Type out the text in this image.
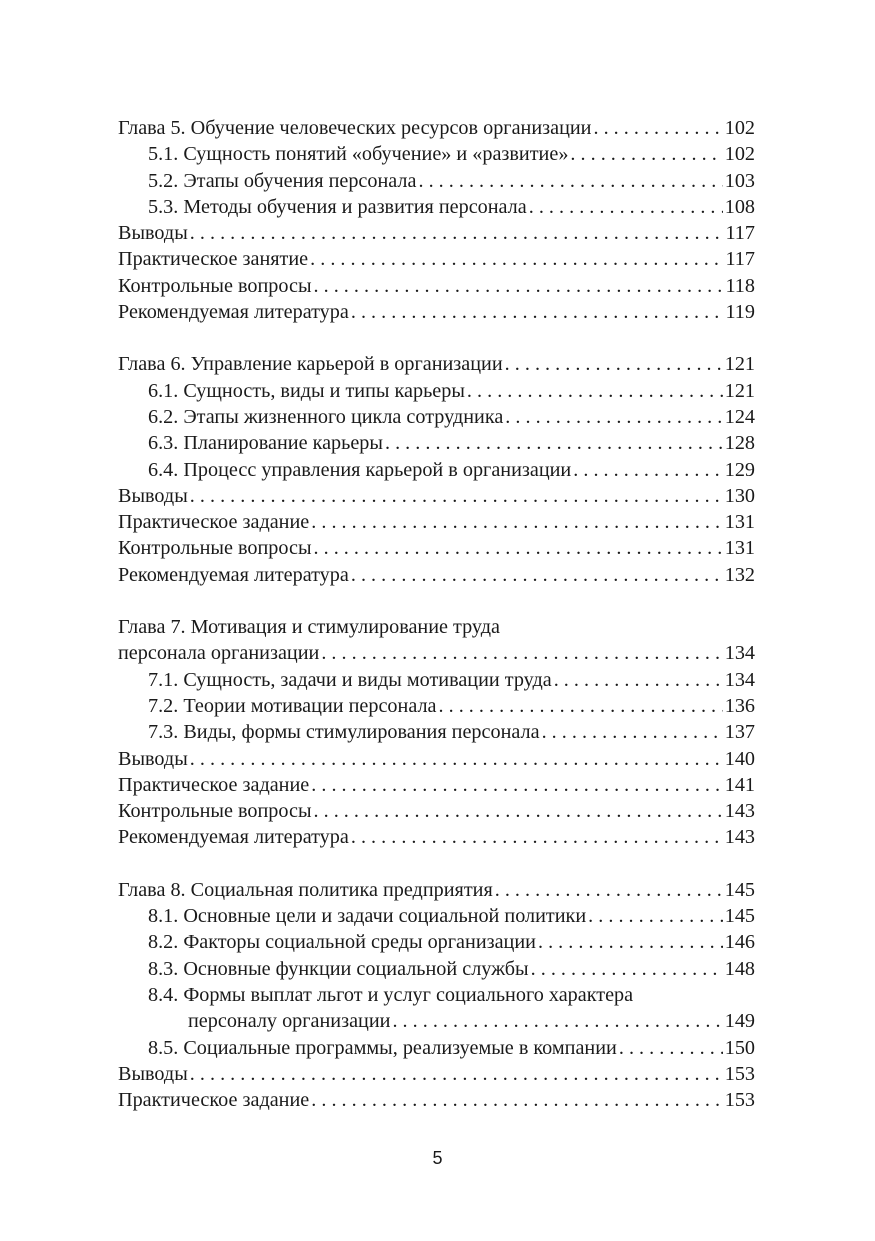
Глава 5. Обучение человеческих ресурсов организации . . .	102
5.1. Сущность понятий «обучение» и «развитие» . . .	102
5.2. Этапы обучения персонала . . .	103
5.3. Методы обучения и развития персонала . . .	108
Выводы . . .	117
Практическое занятие . . .	117
Контрольные вопросы . . .	118
Рекомендуемая литература . . .	119
Глава 6. Управление карьерой в организации . . .	121
6.1. Сущность, виды и типы карьеры . . .	121
6.2. Этапы жизненного цикла сотрудника . . .	124
6.3. Планирование карьеры . . .	128
6.4. Процесс управления карьерой в организации . . .	129
Выводы . . .	130
Практическое задание . . .	131
Контрольные вопросы . . .	131
Рекомендуемая литература . . .	132
Глава 7. Мотивация и стимулирование труда
персонала организации . . .	134
7.1. Сущность, задачи и виды мотивации труда . . .	134
7.2. Теории мотивации персонала . . .	136
7.3. Виды, формы стимулирования персонала . . .	137
Выводы . . .	140
Практическое задание . . .	141
Контрольные вопросы . . .	143
Рекомендуемая литература . . .	143
Глава 8. Социальная политика предприятия . . .	145
8.1. Основные цели и задачи социальной политики . . .	145
8.2. Факторы социальной среды организации . . .	146
8.3. Основные функции социальной службы . . .	148
8.4. Формы выплат льгот и услуг социального характера
персоналу организации . . .	149
8.5. Социальные программы, реализуемые в компании . . .	150
Выводы . . .	153
Практическое задание . . .	153
5
